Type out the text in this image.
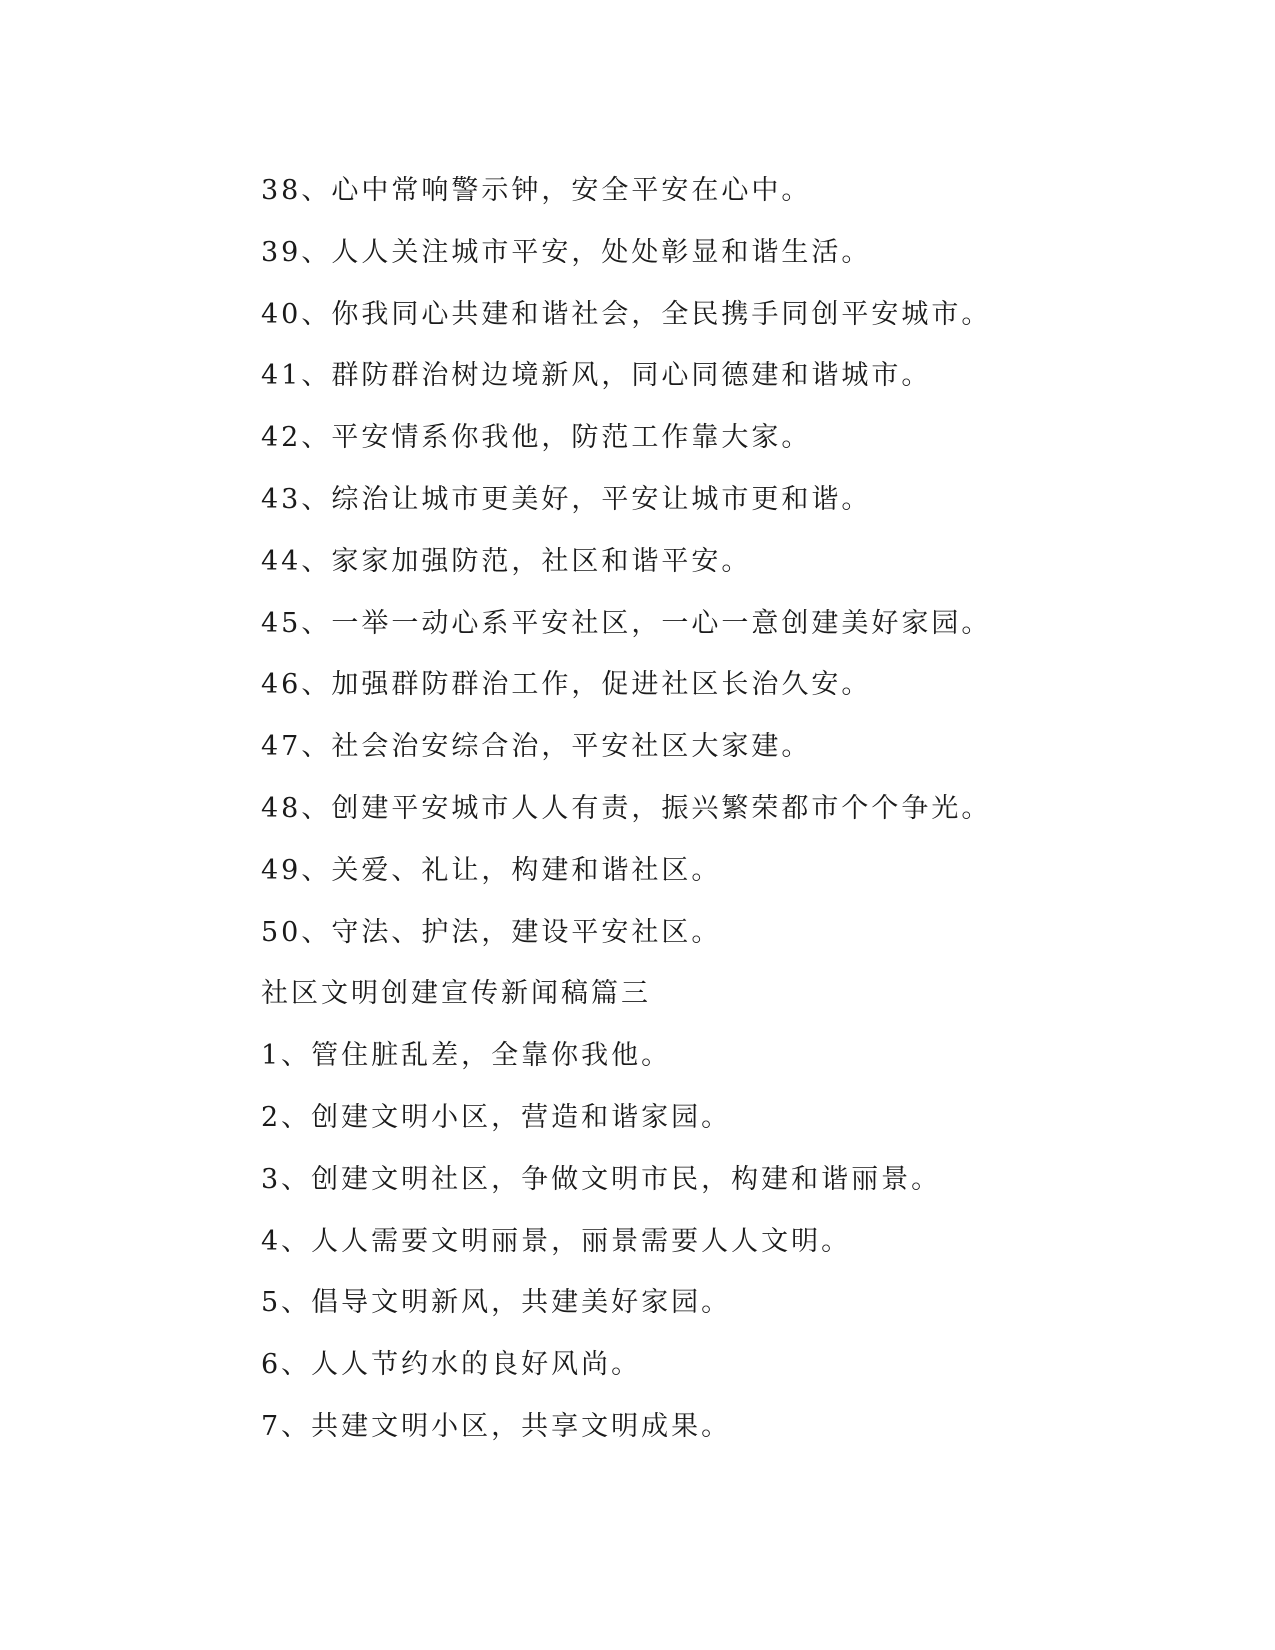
38、心中常响警示钟，安全平安在心中。
39、人人关注城市平安，处处彰显和谐生活。
40、你我同心共建和谐社会，全民携手同创平安城市。
41、群防群治树边境新风，同心同德建和谐城市。
42、平安情系你我他，防范工作靠大家。
43、综治让城市更美好，平安让城市更和谐。
44、家家加强防范，社区和谐平安。
45、一举一动心系平安社区，一心一意创建美好家园。
46、加强群防群治工作，促进社区长治久安。
47、社会治安综合治，平安社区大家建。
48、创建平安城市人人有责，振兴繁荣都市个个争光。
49、关爱、礼让，构建和谐社区。
50、守法、护法，建设平安社区。
社区文明创建宣传新闻稿篇三
1、管住脏乱差，全靠你我他。
2、创建文明小区，营造和谐家园。
3、创建文明社区，争做文明市民，构建和谐丽景。
4、人人需要文明丽景，丽景需要人人文明。
5、倡导文明新风，共建美好家园。
6、人人节约水的良好风尚。
7、共建文明小区，共享文明成果。
